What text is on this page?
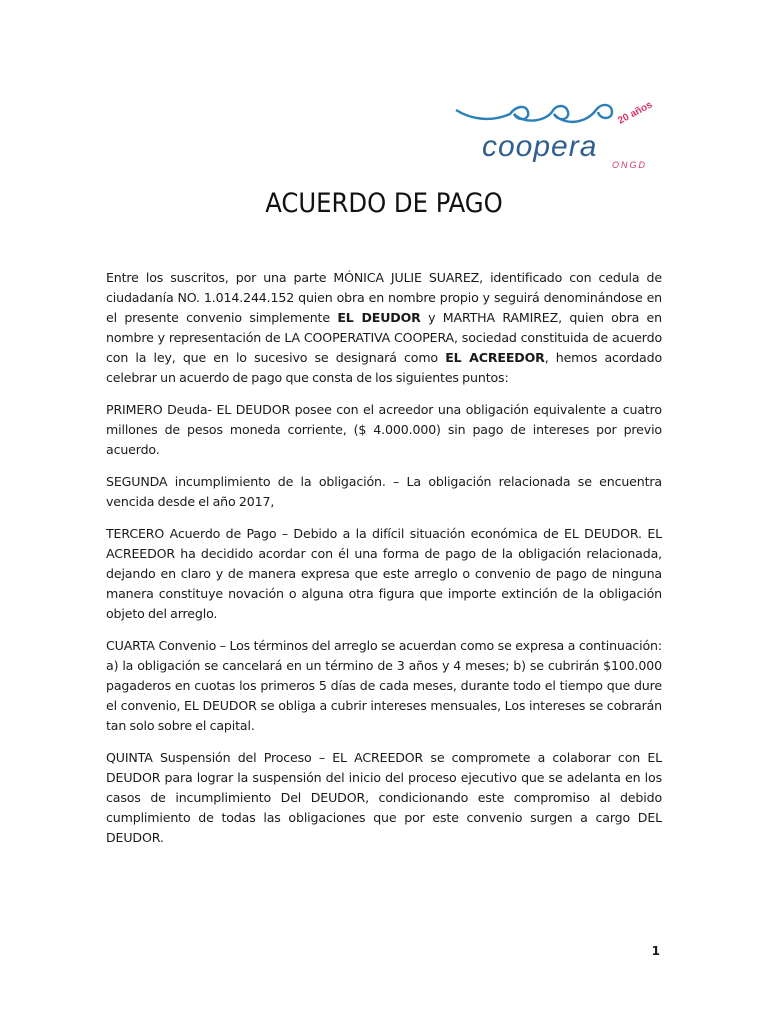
20 años
coopera
ONGD
ACUERDO DE PAGO

Entre los suscritos, por una parte MÓNICA JULIE SUAREZ, identificado con cedula de ciudadanía NO. 1.014.244.152 quien obra en nombre propio y seguirá denominándose en el presente convenio simplemente EL DEUDOR y MARTHA RAMIREZ, quien obra en nombre y representación de LA COOPERATIVA COOPERA, sociedad constituida de acuerdo con la ley, que en lo sucesivo se designará como EL ACREEDOR, hemos acordado celebrar un acuerdo de pago que consta de los siguientes puntos:

PRIMERO Deuda- EL DEUDOR posee con el acreedor una obligación equivalente a cuatro millones de pesos moneda corriente, ($ 4.000.000) sin pago de intereses por previo acuerdo.

SEGUNDA incumplimiento de la obligación. – La obligación relacionada se encuentra vencida desde el año 2017,

TERCERO Acuerdo de Pago – Debido a la difícil situación económica de EL DEUDOR. EL ACREEDOR ha decidido acordar con él una forma de pago de la obligación relacionada, dejando en claro y de manera expresa que este arreglo o convenio de pago de ninguna manera constituye novación o alguna otra figura que importe extinción de la obligación objeto del arreglo.

CUARTA Convenio – Los términos del arreglo se acuerdan como se expresa a continuación: a) la obligación se cancelará en un término de 3 años y 4 meses; b) se cubrirán $100.000 pagaderos en cuotas los primeros 5 días de cada meses, durante todo el tiempo que dure el convenio, EL DEUDOR se obliga a cubrir intereses mensuales, Los intereses se cobrarán tan solo sobre el capital.

QUINTA Suspensión del Proceso – EL ACREEDOR se compromete a colaborar con EL DEUDOR para lograr la suspensión del inicio del proceso ejecutivo que se adelanta en los casos de incumplimiento Del DEUDOR, condicionando este compromiso al debido cumplimiento de todas las obligaciones que por este convenio surgen a cargo DEL DEUDOR.

1
